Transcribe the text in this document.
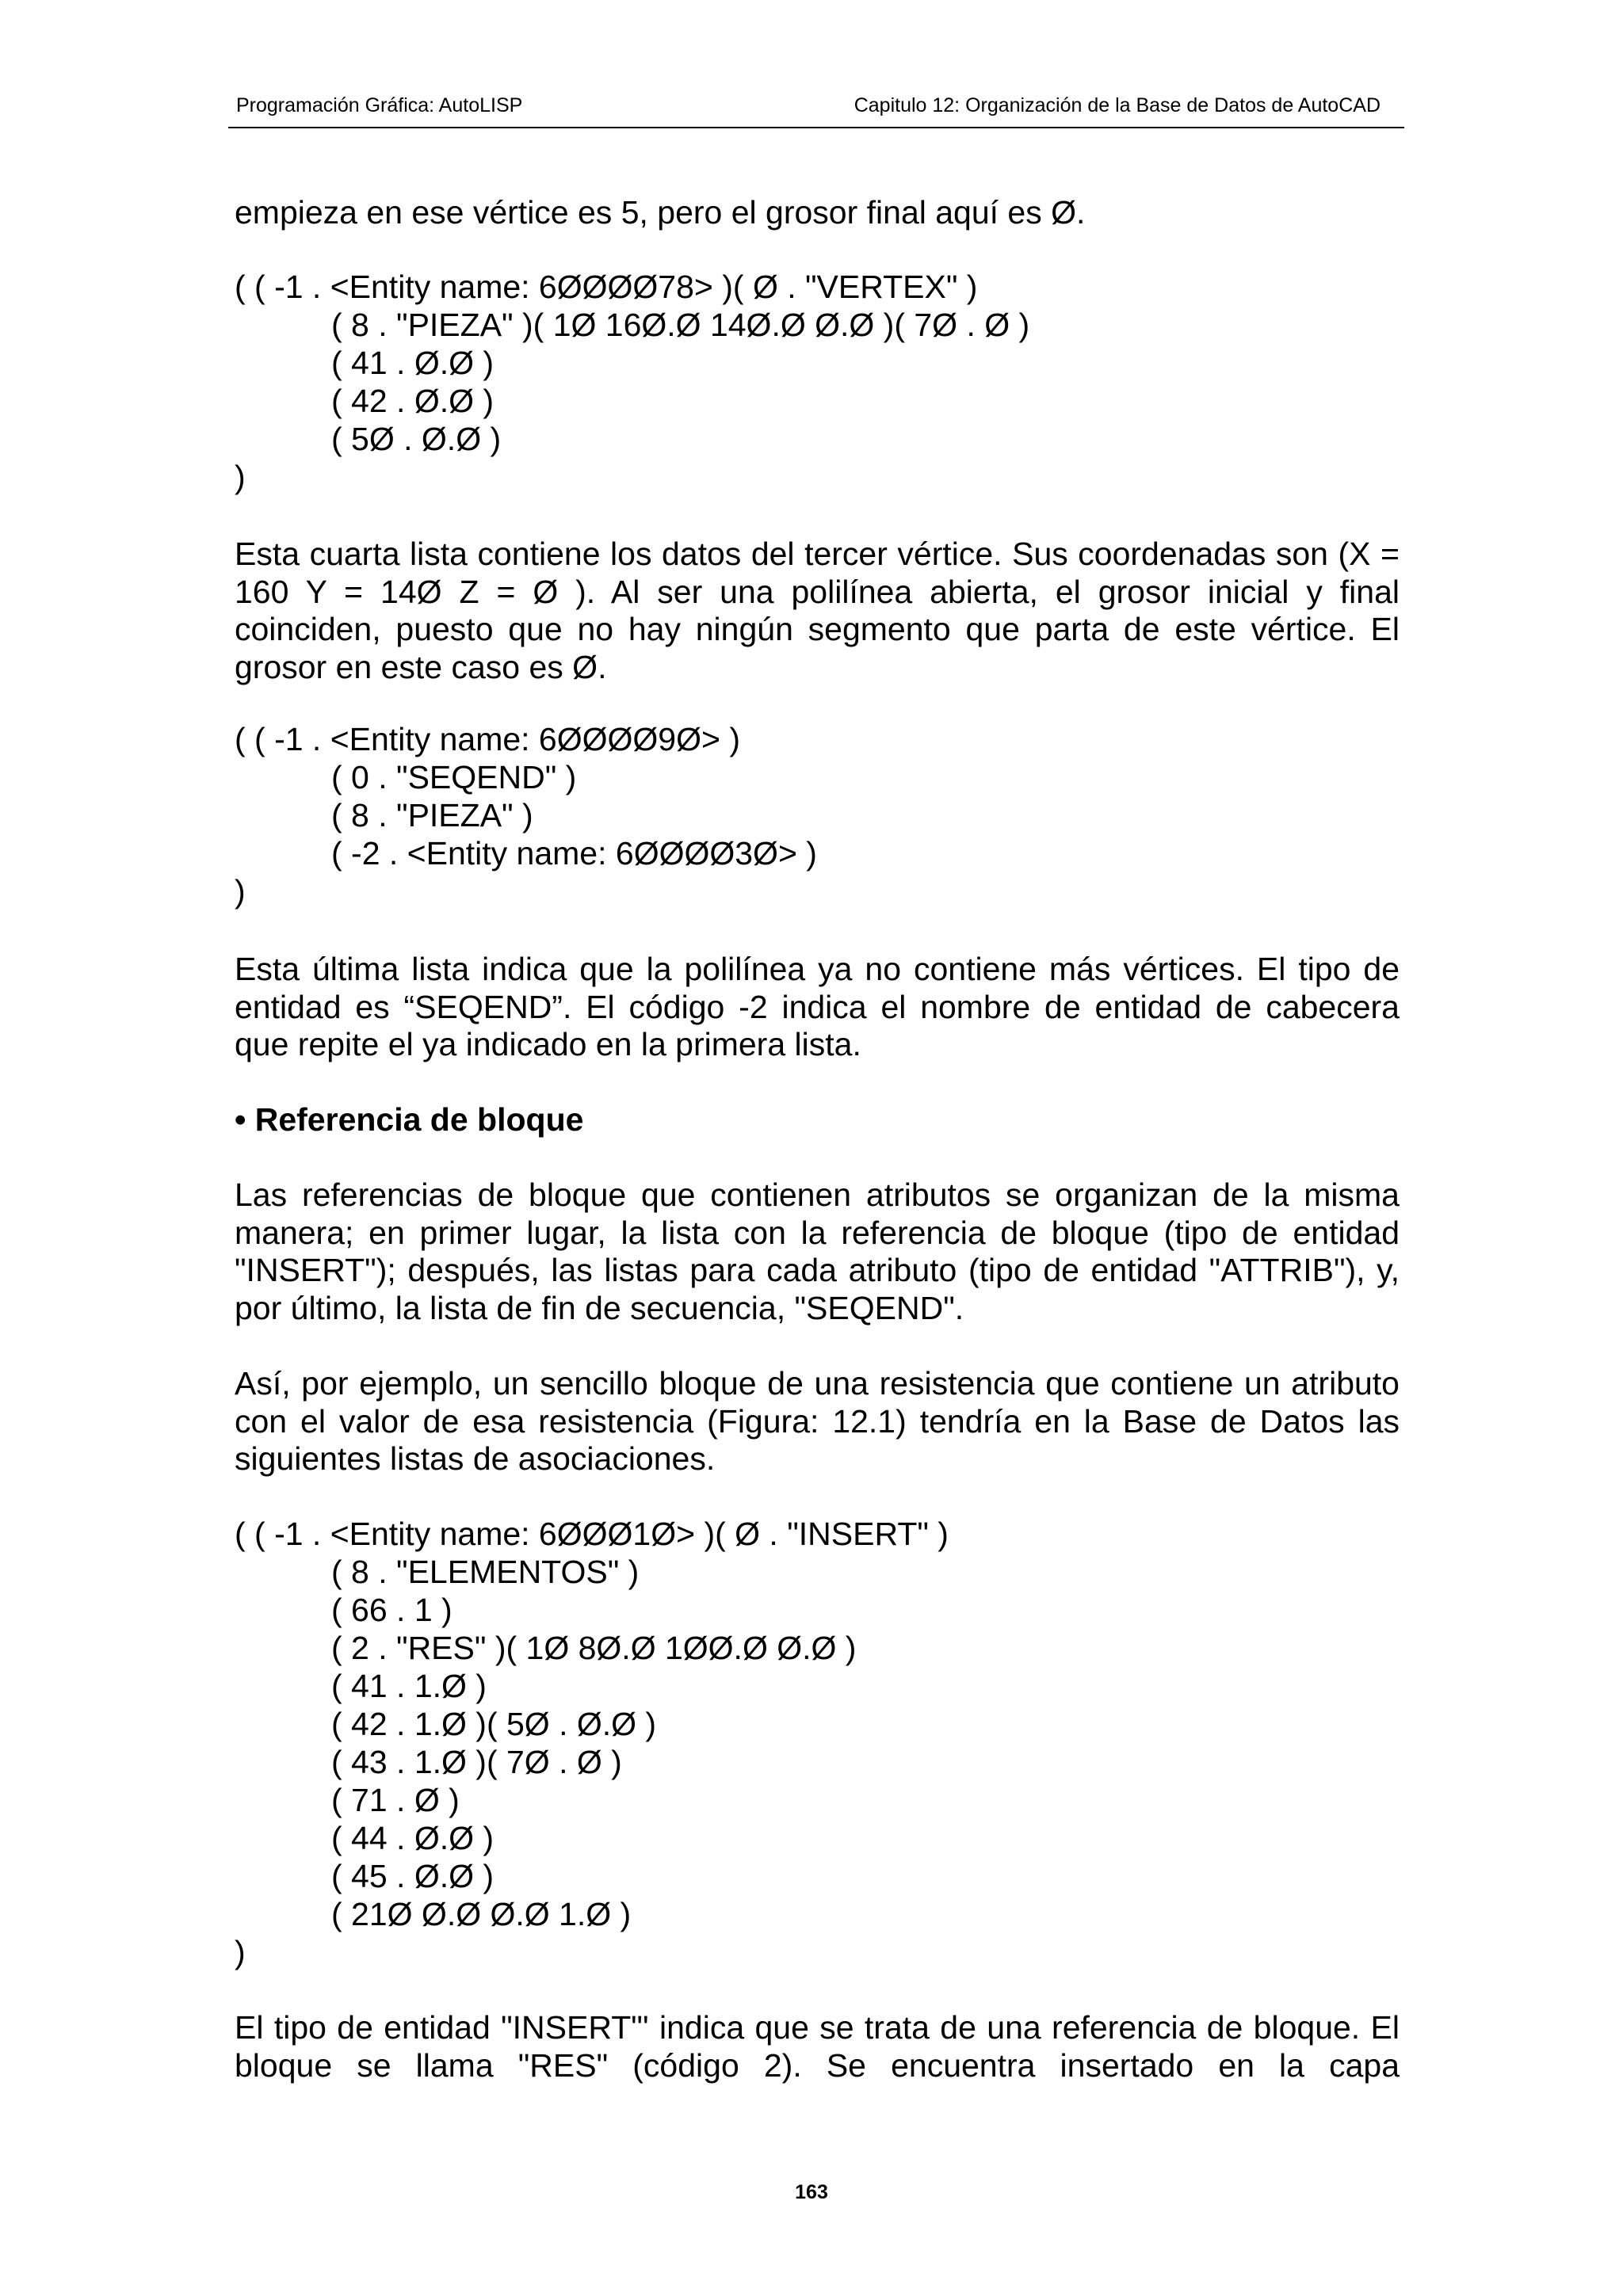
Programación Gráfica: AutoLISP	Capitulo 12: Organización de la Base de Datos de AutoCAD
empieza en ese vértice es 5, pero el grosor final aquí es Ø.
( ( -1 . <Entity name: 6ØØØØ78> )( Ø . "VERTEX" )
( 8 . "PIEZA" )( 1Ø 16Ø.Ø 14Ø.Ø Ø.Ø )( 7Ø . Ø )
( 41 . Ø.Ø )
( 42 . Ø.Ø )
( 5Ø . Ø.Ø )
)
Esta cuarta lista contiene los datos del tercer vértice. Sus coordenadas son (X = 160 Y = 14Ø Z = Ø ). Al ser una polilínea abierta, el grosor inicial y final coinciden, puesto que no hay ningún segmento que parta de este vértice. El grosor en este caso es Ø.
( ( -1 . <Entity name: 6ØØØØ9Ø> )
( 0 . "SEQEND" )
( 8 . "PIEZA" )
( -2 . <Entity name: 6ØØØØ3Ø> )
)
Esta última lista indica que la polilínea ya no contiene más vértices. El tipo de entidad es “SEQEND”. El código -2 indica el nombre de entidad de cabecera que repite el ya indicado en la primera lista.
• Referencia de bloque
Las referencias de bloque que contienen atributos se organizan de la misma manera; en primer lugar, la lista con la referencia de bloque (tipo de entidad "INSERT"); después, las listas para cada atributo (tipo de entidad "ATTRIB"), y, por último, la lista de fin de secuencia, "SEQEND".
Así, por ejemplo, un sencillo bloque de una resistencia que contiene un atributo con el valor de esa resistencia (Figura: 12.1) tendría en la Base de Datos las siguientes listas de asociaciones.
( ( -1 . <Entity name: 6ØØØ1Ø> )( Ø . "INSERT" )
( 8 . "ELEMENTOS" )
( 66 . 1 )
( 2 . "RES" )( 1Ø 8Ø.Ø 1ØØ.Ø Ø.Ø )
( 41 . 1.Ø )
( 42 . 1.Ø )( 5Ø . Ø.Ø )
( 43 . 1.Ø )( 7Ø . Ø )
( 71 . Ø )
( 44 . Ø.Ø )
( 45 . Ø.Ø )
( 21Ø Ø.Ø Ø.Ø 1.Ø )
)
El tipo de entidad "INSERT"' indica que se trata de una referencia de bloque. El bloque se llama "RES" (código 2). Se encuentra insertado en la capa
163
